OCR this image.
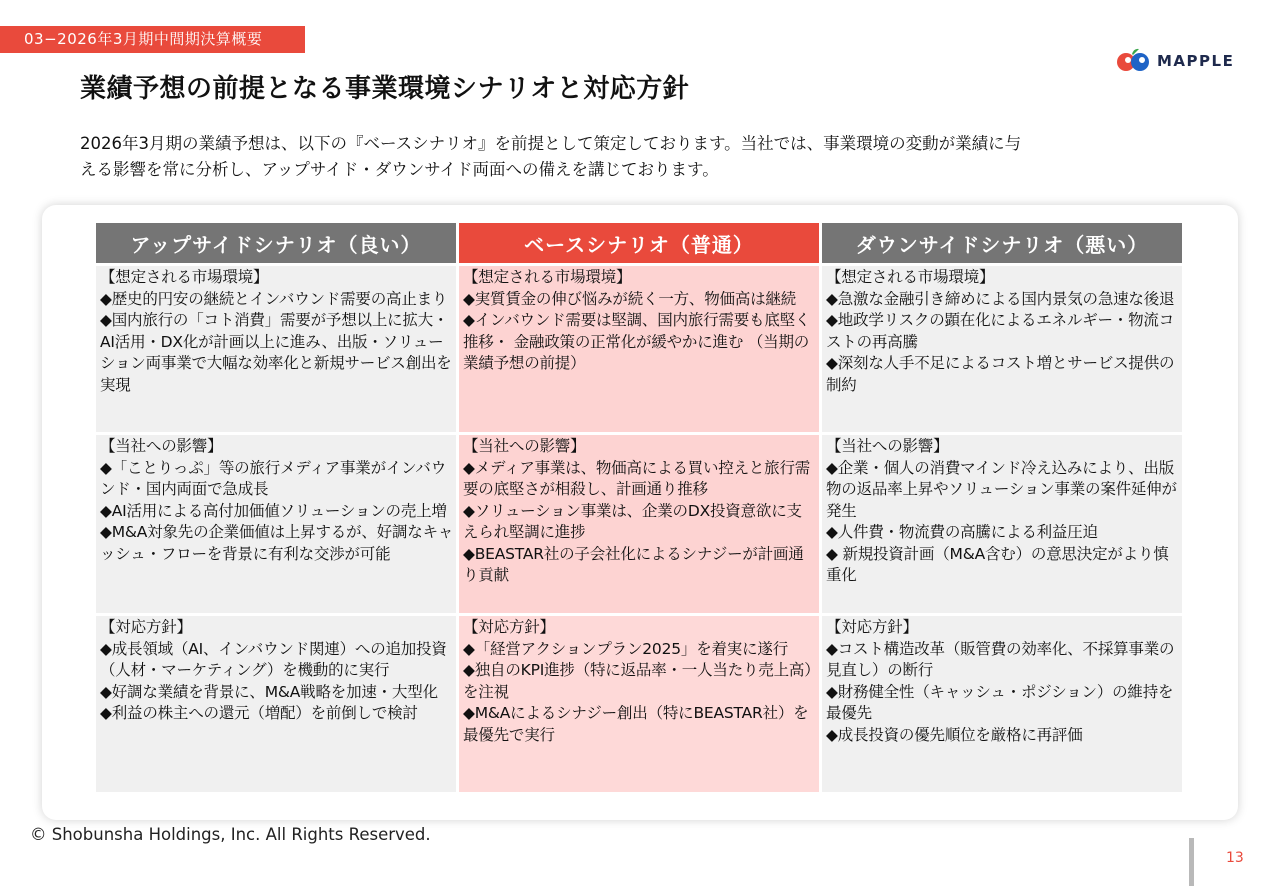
03−2026年3月期中間期決算概要
MAPPLE
業績予想の前提となる事業環境シナリオと対応方針
2026年3月期の業績予想は、以下の『ベースシナリオ』を前提として策定しております。当社では、事業環境の変動が業績に与
える影響を常に分析し、アップサイド・ダウンサイド両面への備えを講じております。
アップサイドシナリオ（良い）	ベースシナリオ（普通）	ダウンサイドシナリオ（悪い）
【想定される市場環境】
◆歴史的円安の継続とインバウンド需要の高止まり
◆国内旅行の「コト消費」需要が予想以上に拡大・ AI活用・DX化が計画以上に進み、出版・ソリューション両事業で大幅な効率化と新規サービス創出を実現
【想定される市場環境】
◆実質賃金の伸び悩みが続く一方、物価高は継続
◆インバウンド需要は堅調、国内旅行需要も底堅く推移・ 金融政策の正常化が緩やかに進む （当期の業績予想の前提）
【想定される市場環境】
◆急激な金融引き締めによる国内景気の急速な後退
◆地政学リスクの顕在化によるエネルギー・物流コストの再高騰
◆深刻な人手不足によるコスト増とサービス提供の制約
【当社への影響】
◆「ことりっぷ」等の旅行メディア事業がインバウンド・国内両面で急成長
◆AI活用による高付加価値ソリューションの売上増
◆M&A対象先の企業価値は上昇するが、好調なキャッシュ・フローを背景に有利な交渉が可能
【当社への影響】
◆メディア事業は、物価高による買い控えと旅行需要の底堅さが相殺し、計画通り推移
◆ソリューション事業は、企業のDX投資意欲に支えられ堅調に進捗
◆BEASTAR社の子会社化によるシナジーが計画通り貢献
【当社への影響】
◆企業・個人の消費マインド冷え込みにより、出版物の返品率上昇やソリューション事業の案件延伸が発生
◆人件費・物流費の高騰による利益圧迫
◆ 新規投資計画（M&A含む）の意思決定がより慎重化
【対応方針】
◆成長領域（AI、インバウンド関連）への追加投資（人材・マーケティング）を機動的に実行
◆好調な業績を背景に、M&A戦略を加速・大型化
◆利益の株主への還元（増配）を前倒しで検討
【対応方針】
◆「経営アクションプラン2025」を着実に遂行
◆独自のKPI進捗（特に返品率・一人当たり売上高）を注視
◆M&Aによるシナジー創出（特にBEASTAR社）を最優先で実行
【対応方針】
◆コスト構造改革（販管費の効率化、不採算事業の見直し）の断行
◆財務健全性（キャッシュ・ポジション）の維持を最優先
◆成長投資の優先順位を厳格に再評価
© Shobunsha Holdings, Inc. All Rights Reserved.
13
